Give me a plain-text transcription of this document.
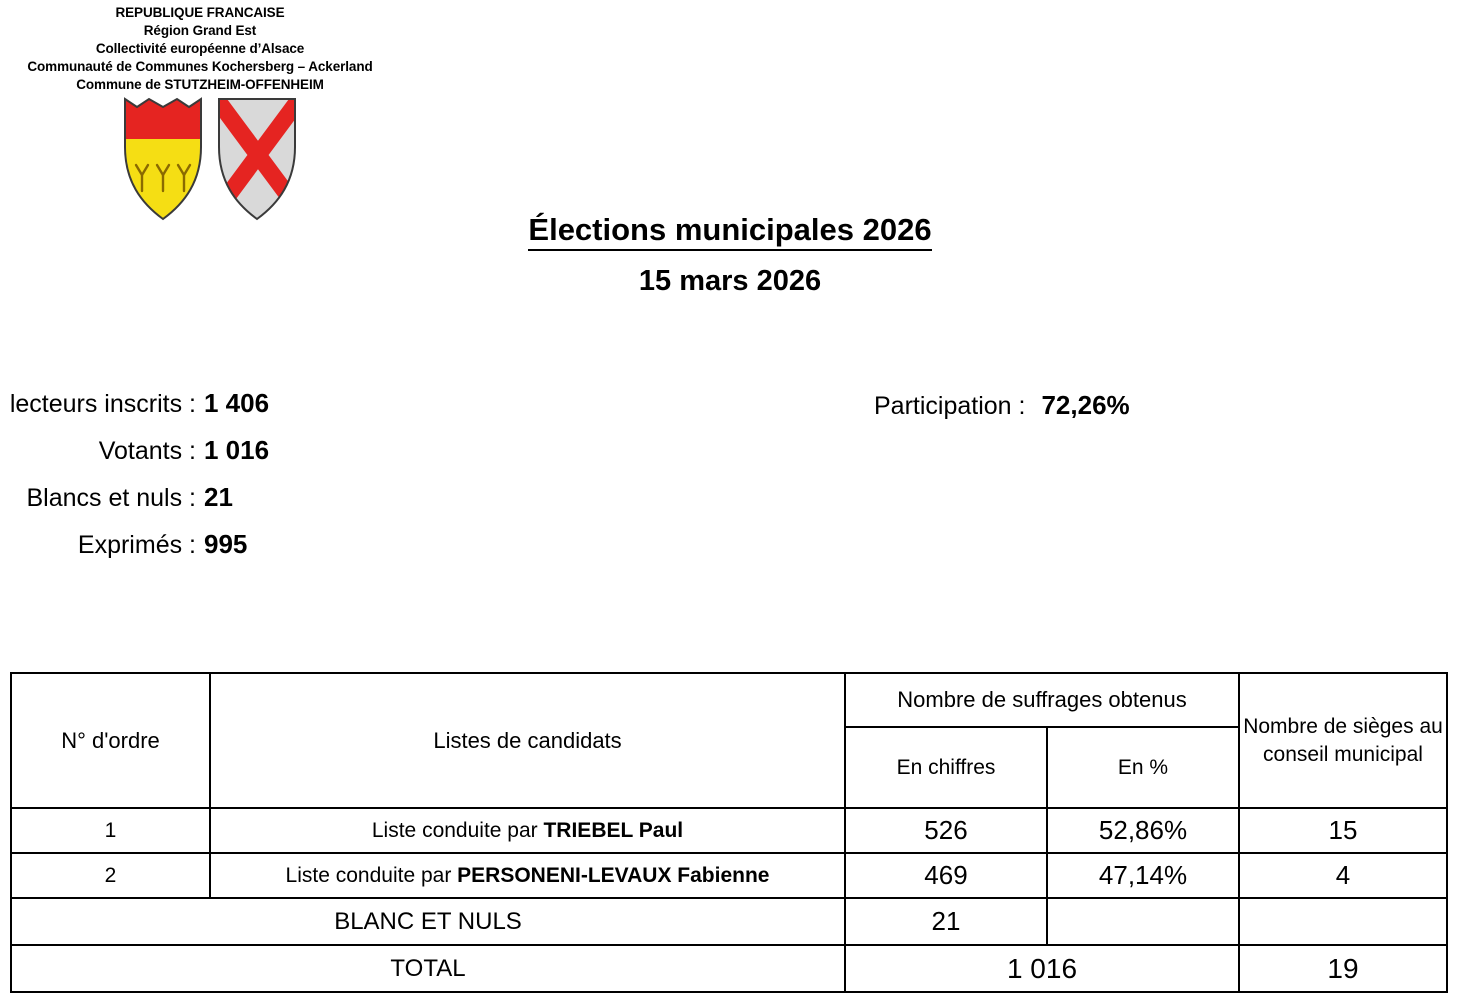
REPUBLIQUE FRANCAISE
Région Grand Est
Collectivité européenne d’Alsace
Communauté de Communes Kochersberg – Ackerland
Commune de STUTZHEIM-OFFENHEIM
Élections municipales 2026
15 mars 2026
lecteurs inscrits : 1 406
Votants : 1 016
Blancs et nuls : 21
Exprimés : 995
Participation : 72,26%
N° d'ordre	Listes de candidats	Nombre de suffrages obtenus		Nombre de sièges au conseil municipal
		En chiffres	En %	
1	Liste conduite par TRIEBEL Paul	526	52,86%	15
2	Liste conduite par PERSONENI-LEVAUX Fabienne	469	47,14%	4
BLANC ET NULS		21		
TOTAL		1 016		19
